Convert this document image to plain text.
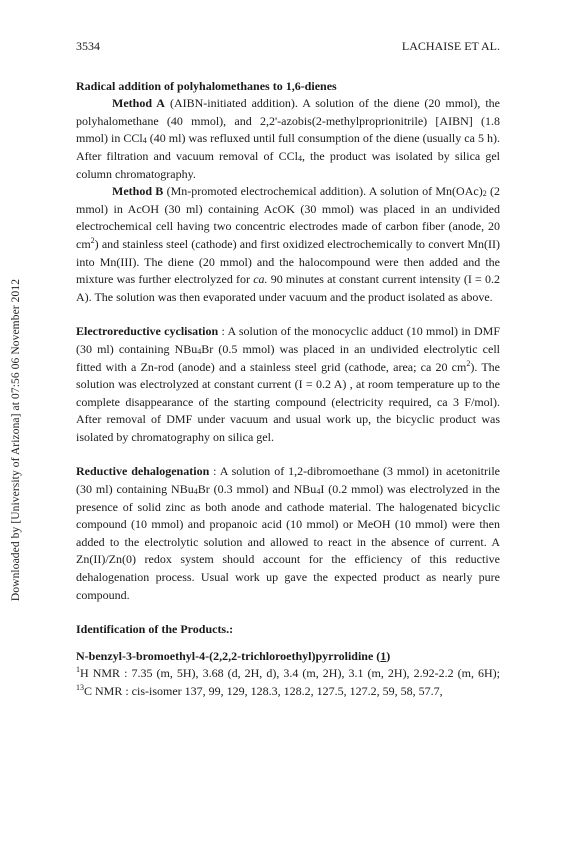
Downloaded by [University of Arizona] at 07:56 06 November 2012
3534	LACHAISE ET AL.

Radical addition of polyhalomethanes to 1,6-dienes

Method A (AIBN-initiated addition). A solution of the diene (20 mmol), the polyhalomethane (40 mmol), and 2,2'-azobis(2-methylproprionitrile) [AIBN] (1.8 mmol) in CCl$_4$ (40 ml) was refluxed until full consumption of the diene (usually ca 5 h). After filtration and vacuum removal of CCl$_4$, the product was isolated by silica gel column chromatography.

Method B (Mn-promoted electrochemical addition). A solution of $Mn(OAc)_2$ (2 mmol) in AcOH (30 ml) containing AcOK (30 mmol) was placed in an undivided electrochemical cell having two concentric electrodes made of carbon fiber (anode, 20 $cm^2$) and stainless steel (cathode) and first oxidized electrochemically to convert Mn(II) into Mn(III). The diene (20 mmol) and the halocompound were then added and the mixture was further electrolyzed for ca. 90 minutes at constant current intensity (I = 0.2 A). The solution was then evaporated under vacuum and the product isolated as above.

Electroreductive cyclisation : A solution of the monocyclic adduct (10 mmol) in DMF (30 ml) containing NBu$_4$Br (0.5 mmol) was placed in an undivided electrolytic cell fitted with a Zn-rod (anode) and a stainless steel grid (cathode, area; ca 20 $cm^2$). The solution was electrolyzed at constant current (I = 0.2 A) , at room temperature up to the complete disappearance of the starting compound (electricity required, ca 3 F/mol). After removal of DMF under vacuum and usual work up, the bicyclic product was isolated by chromatography on silica gel.

Reductive dehalogenation : A solution of 1,2-dibromoethane (3 mmol) in acetonitrile (30 ml) containing NBu$_4$Br (0.3 mmol) and NBu$_4$I (0.2 mmol) was electrolyzed in the presence of solid zinc as both anode and cathode material. The halogenated bicyclic compound (10 mmol) and propanoic acid (10 mmol) or MeOH (10 mmol) were then added to the electrolytic solution and allowed to react in the absence of current. A Zn(II)/Zn(0) redox system should account for the efficiency of this reductive dehalogenation process. Usual work up gave the expected product as nearly pure compound.

Identification of the Products.:

N-benzyl-3-bromoethyl-4-(2,2,2-trichloroethyl)pyrrolidine (1)

$^1$H NMR : 7.35 (m, 5H), 3.68 (d, 2H, d), 3.4 (m, 2H), 3.1 (m, 2H), 2.92-2.2 (m, 6H); $^{13}$C NMR : cis-isomer 137, 99, 129, 128.3, 128.2, 127.5, 127.2, 59, 58, 57.7,
